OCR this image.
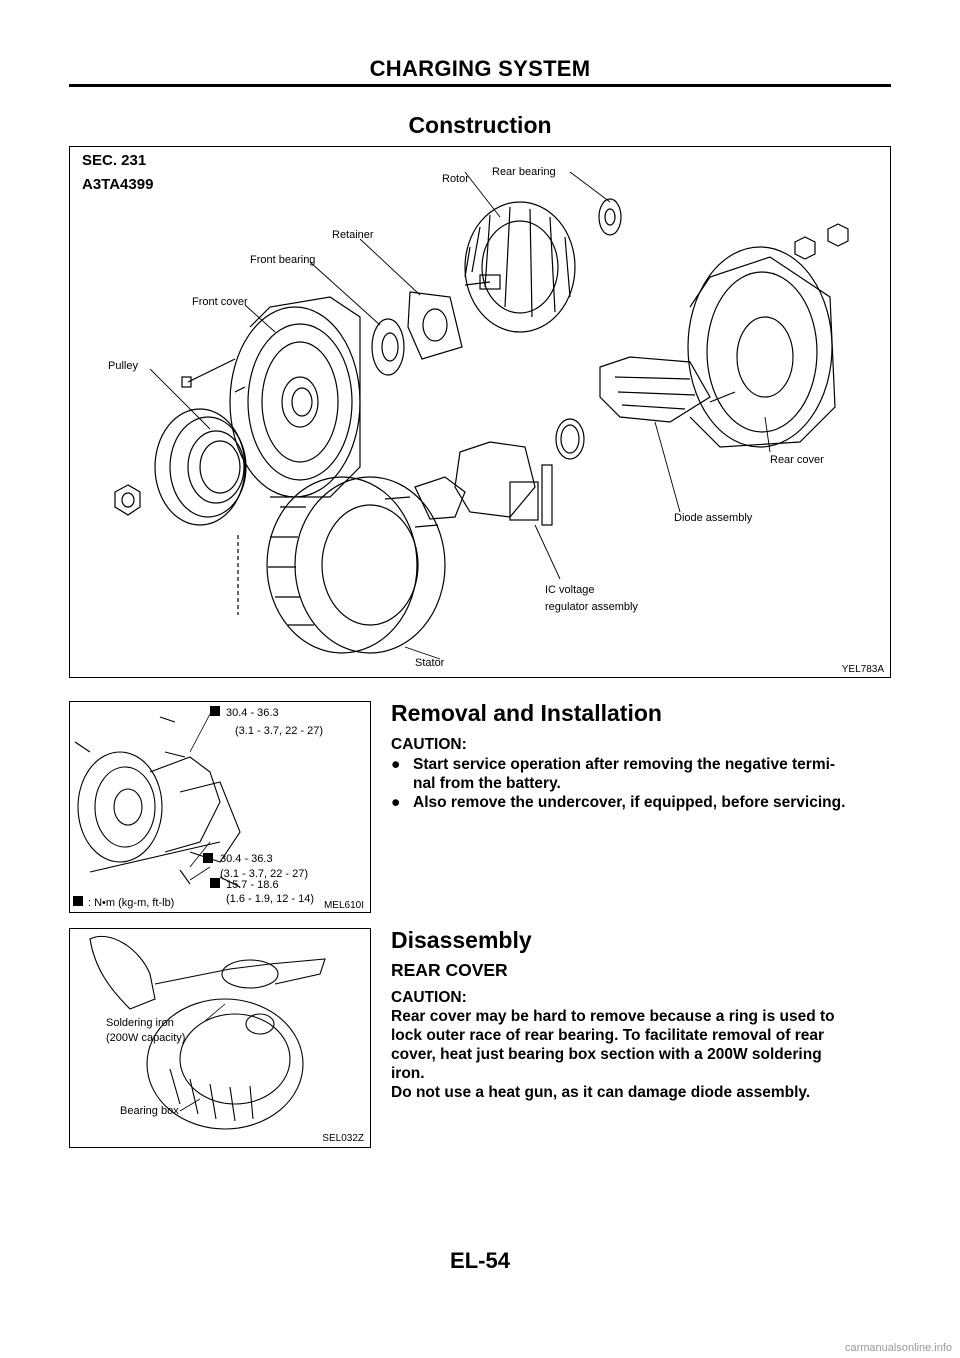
CHARGING SYSTEM
Construction
SEC. 231
A3TA4399	Rotor
Rear bearing
Retainer
Front bearing
Front cover
Pulley
Rear cover
Diode assembly
IC voltage
regulator assembly
Stator
YEL783A
30.4 - 36.3
(3.1 - 3.7, 22 - 27)
30.4 - 36.3
(3.1 - 3.7, 22 - 27)
15.7 - 18.6
(1.6 - 1.9, 12 - 14)
: N•m (kg-m, ft-lb)	MEL610I
Removal and Installation
CAUTION:
● Start service operation after removing the negative termi-
nal from the battery.
● Also remove the undercover, if equipped, before servicing.
Soldering iron
(200W capacity)
Bearing box
SEL032Z
Disassembly
REAR COVER
CAUTION:
Rear cover may be hard to remove because a ring is used to
lock outer race of rear bearing. To facilitate removal of rear
cover, heat just bearing box section with a 200W soldering
iron.
Do not use a heat gun, as it can damage diode assembly.
EL-54
carmanualsonline.info
